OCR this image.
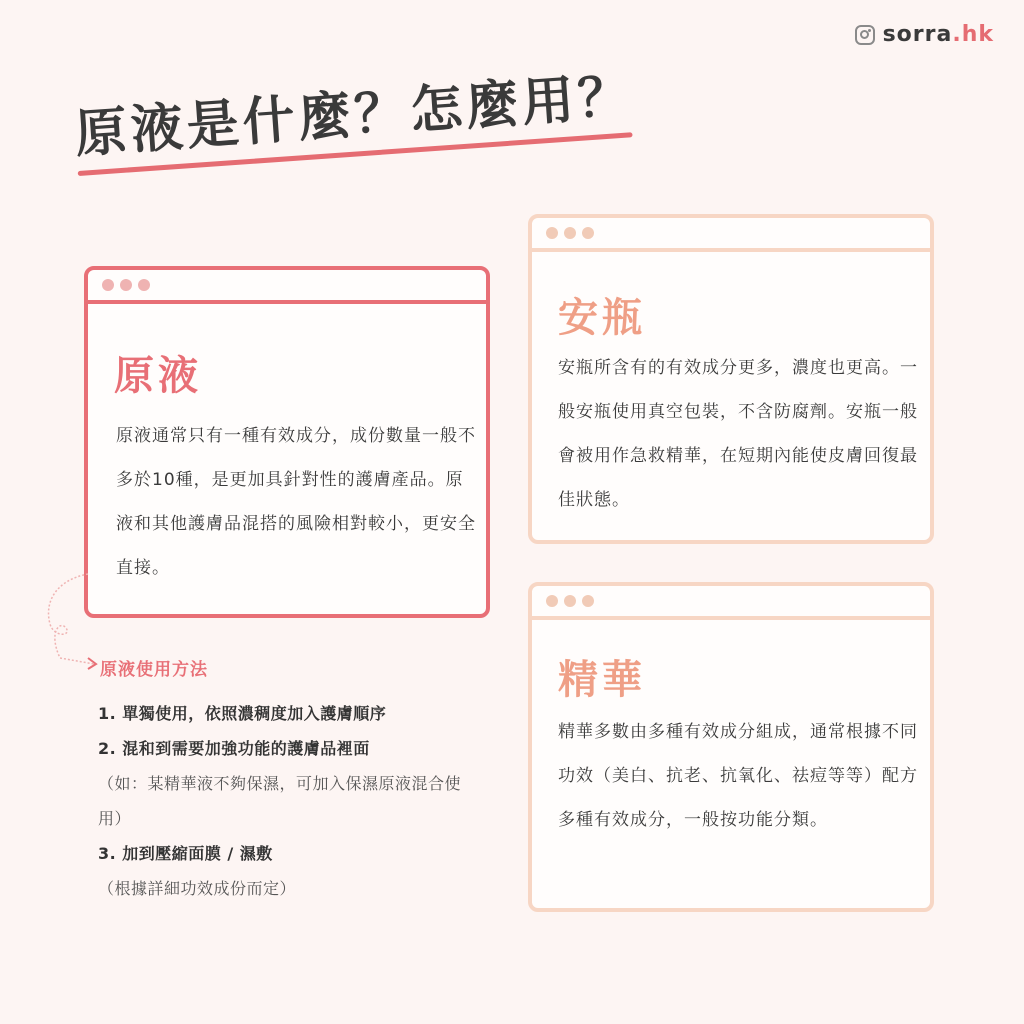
sorra.hk
原液是什麼？怎麼用？
原液

原液通常只有一種有效成分，成份數量一般不多於10種，是更加具針對性的護膚產品。原液和其他護膚品混搭的風險相對較小，更安全直接。

安瓶

安瓶所含有的有效成分更多，濃度也更高。一般安瓶使用真空包裝，不含防腐劑。安瓶一般會被用作急救精華，在短期內能使皮膚回復最佳狀態。

精華

精華多數由多種有效成分組成，通常根據不同功效（美白、抗老、抗氧化、祛痘等等）配方多種有效成分，一般按功能分類。

原液使用方法
1. 單獨使用，依照濃稠度加入護膚順序
2. 混和到需要加強功能的護膚品裡面
（如：某精華液不夠保濕，可加入保濕原液混合使用）
3. 加到壓縮面膜 / 濕敷
（根據詳細功效成份而定）
